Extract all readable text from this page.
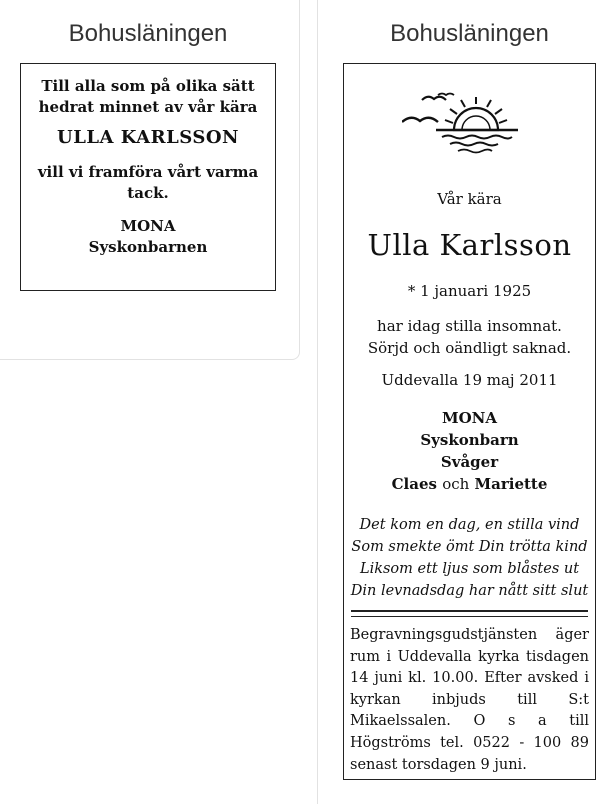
Bohusläningen
Till alla som på olika sätt hedrat minnet av vår kära
ULLA KARLSSON
vill vi framföra vårt varma tack.
MONA
Syskonbarnen
Bohusläningen
Vår kära
Ulla Karlsson
* 1 januari 1925
har idag stilla insomnat.
Sörjd och oändligt saknad.
Uddevalla 19 maj 2011
MONA
Syskonbarn
Svåger
Claes och Mariette
Det kom en dag, en stilla vind
Som smekte ömt Din trötta kind
Liksom ett ljus som blåstes ut
Din levnadsdag har nått sitt slut
Begravningsgudstjänsten äger rum i Uddevalla kyrka tisdagen 14 juni kl. 10.00. Efter avsked i kyrkan inbjuds till S:t Mikaelssalen. O s a till Högströms tel. 0522 - 100 89 senast torsdagen 9 juni.
